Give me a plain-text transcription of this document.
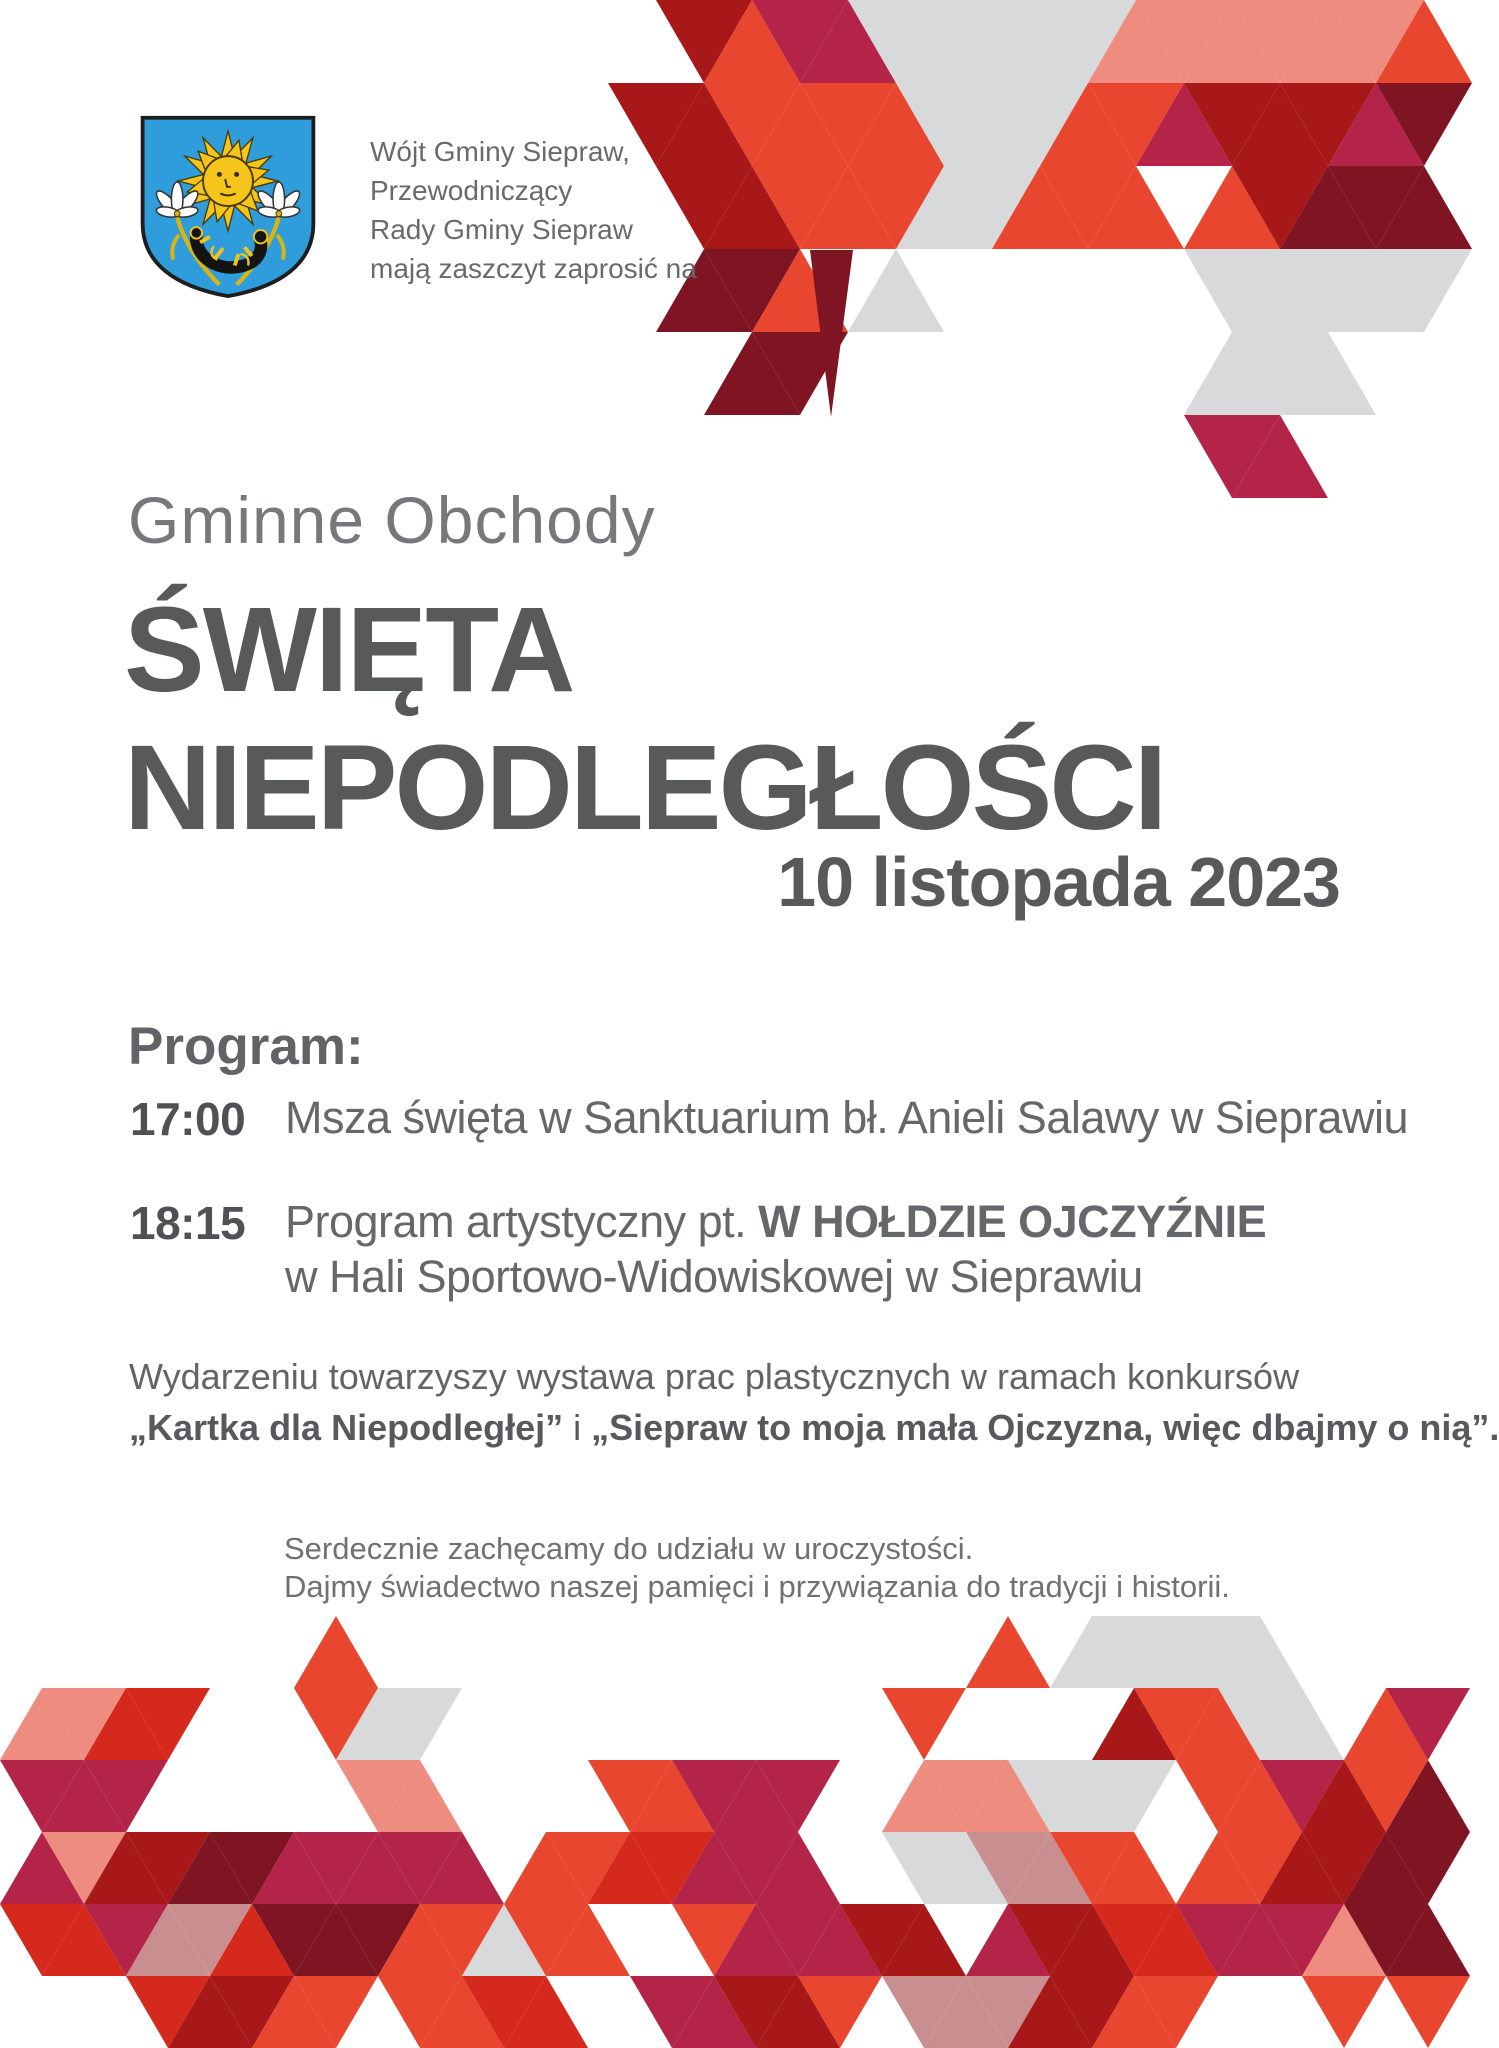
Wójt Gminy Siepraw,
Przewodniczący
Rady Gminy Siepraw
mają zaszczyt zaprosić na
Gminne Obchody
ŚWIĘTA
NIEPODLEGŁOŚCI
10 listopada 2023
Program:
17:00 Msza święta w Sanktuarium bł. Anieli Salawy w Sieprawiu
18:15 Program artystyczny pt. W HOŁDZIE OJCZYŹNIE
w Hali Sportowo-Widowiskowej w Sieprawiu
Wydarzeniu towarzyszy wystawa prac plastycznych w ramach konkursów
„Kartka dla Niepodległej” i „Siepraw to moja mała Ojczyzna, więc dbajmy o nią”.
Serdecznie zachęcamy do udziału w uroczystości.
Dajmy świadectwo naszej pamięci i przywiązania do tradycji i historii.
